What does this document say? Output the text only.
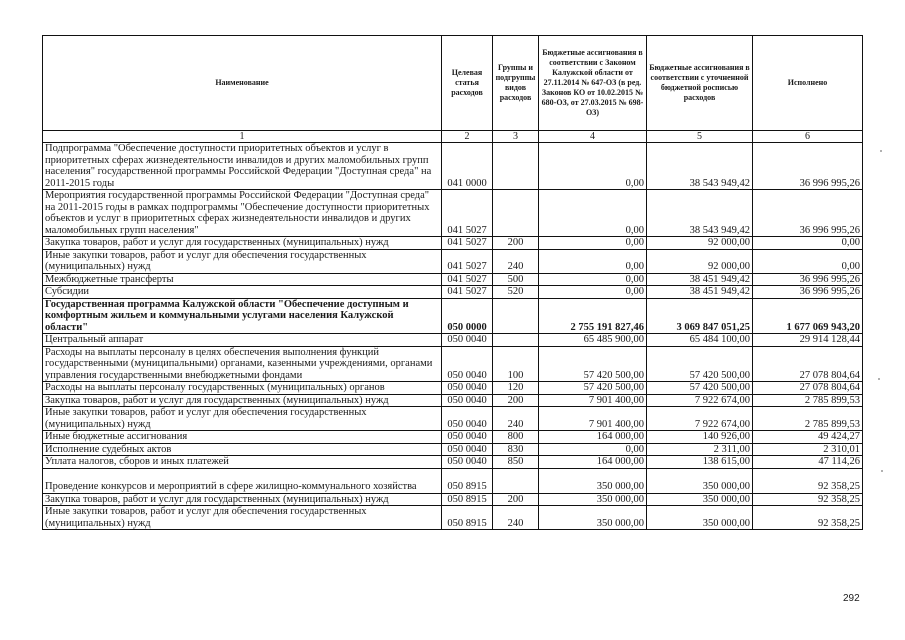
Наименование	Целевая статья расходов	Группы и подгруппы видов расходов	Бюджетные ассигнования в соответствии с Законом Калужской области от 27.11.2014 № 647-ОЗ (в ред. Законов КО от 10.02.2015 № 680-ОЗ, от 27.03.2015 № 698-ОЗ)	Бюджетные ассигнования в соответствии с уточненной бюджетной росписью расходов	Исполнено
1	2	3	4	5	6
Подпрограмма "Обеспечение доступности приоритетных объектов и услуг в приоритетных сферах жизнедеятельности инвалидов и других маломобильных групп населения" государственной программы Российской Федерации "Доступная среда" на 2011-2015 годы	041 0000		0,00	38 543 949,42	36 996 995,26
Мероприятия государственной программы Российской Федерации "Доступная среда" на 2011-2015 годы в рамках подпрограммы "Обеспечение доступности приоритетных объектов и услуг в приоритетных сферах жизнедеятельности инвалидов и других маломобильных групп населения"	041 5027		0,00	38 543 949,42	36 996 995,26
Закупка товаров, работ и услуг для государственных (муниципальных) нужд	041 5027	200	0,00	92 000,00	0,00
Иные закупки товаров, работ и услуг для обеспечения государственных (муниципальных) нужд	041 5027	240	0,00	92 000,00	0,00
Межбюджетные трансферты	041 5027	500	0,00	38 451 949,42	36 996 995,26
Субсидии	041 5027	520	0,00	38 451 949,42	36 996 995,26
Государственная программа Калужской области "Обеспечение доступным и комфортным жильем и коммунальными услугами населения Калужской области"	050 0000		2 755 191 827,46	3 069 847 051,25	1 677 069 943,20
Центральный аппарат	050 0040		65 485 900,00	65 484 100,00	29 914 128,44
Расходы на выплаты персоналу в целях обеспечения выполнения функций государственными (муниципальными) органами, казенными учреждениями, органами управления государственными внебюджетными фондами	050 0040	100	57 420 500,00	57 420 500,00	27 078 804,64
Расходы на выплаты персоналу государственных (муниципальных) органов	050 0040	120	57 420 500,00	57 420 500,00	27 078 804,64
Закупка товаров, работ и услуг для государственных (муниципальных) нужд	050 0040	200	7 901 400,00	7 922 674,00	2 785 899,53
Иные закупки товаров, работ и услуг для обеспечения государственных (муниципальных) нужд	050 0040	240	7 901 400,00	7 922 674,00	2 785 899,53
Иные бюджетные ассигнования	050 0040	800	164 000,00	140 926,00	49 424,27
Исполнение судебных актов	050 0040	830	0,00	2 311,00	2 310,01
Уплата налогов, сборов и иных платежей	050 0040	850	164 000,00	138 615,00	47 114,26
Проведение конкурсов и мероприятий в сфере жилищно-коммунального хозяйства	050 8915		350 000,00	350 000,00	92 358,25
Закупка товаров, работ и услуг для государственных (муниципальных) нужд	050 8915	200	350 000,00	350 000,00	92 358,25
Иные закупки товаров, работ и услуг для обеспечения государственных (муниципальных) нужд	050 8915	240	350 000,00	350 000,00	92 358,25
292
